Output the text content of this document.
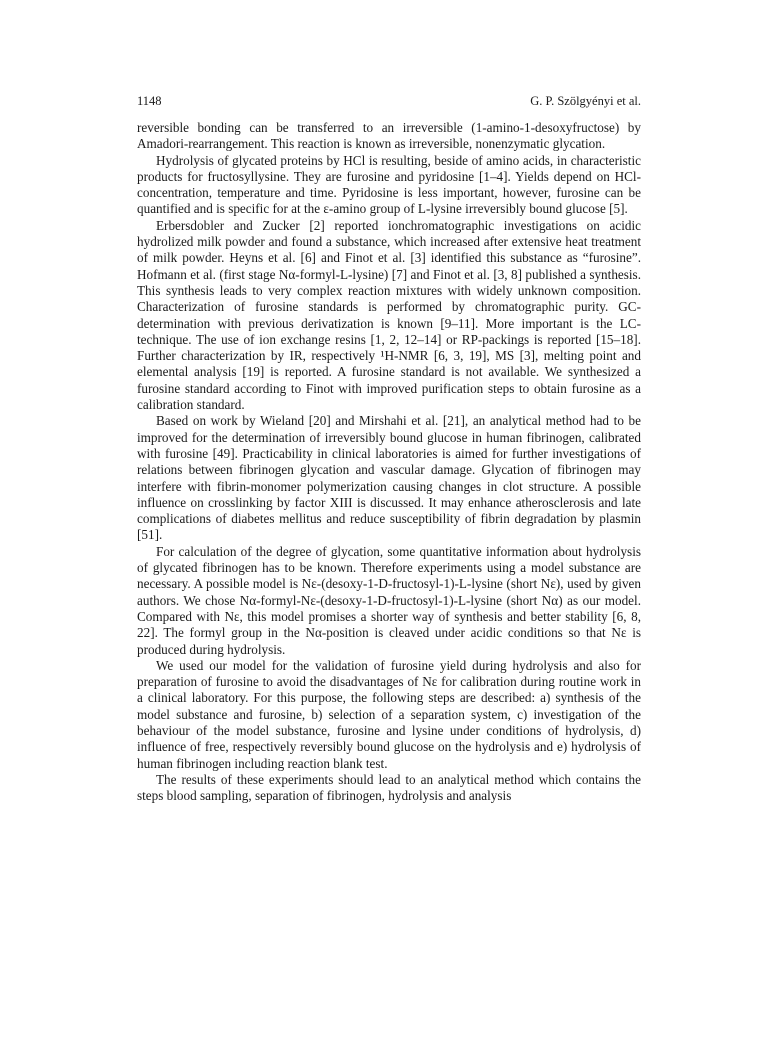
1148	G. P. Szölgyényi et al.

reversible bonding can be transferred to an irreversible (1-amino-1-desoxyfructose) by Amadori-rearrangement. This reaction is known as irreversible, nonenzymatic glycation.

Hydrolysis of glycated proteins by HCl is resulting, beside of amino acids, in characteristic products for fructosyllysine. They are furosine and pyridosine [1–4]. Yields depend on HCl-concentration, temperature and time. Pyridosine is less important, however, furosine can be quantified and is specific for at the ε-amino group of L-lysine irreversibly bound glucose [5].

Erbersdobler and Zucker [2] reported ionchromatographic investigations on acidic hydrolized milk powder and found a substance, which increased after extensive heat treatment of milk powder. Heyns et al. [6] and Finot et al. [3] identified this substance as “furosine”. Hofmann et al. (first stage Nα-formyl-L-lysine) [7] and Finot et al. [3, 8] published a synthesis. This synthesis leads to very complex reaction mixtures with widely unknown composition. Characterization of furosine standards is performed by chromatographic purity. GC-determination with previous derivatization is known [9–11]. More important is the LC-technique. The use of ion exchange resins [1, 2, 12–14] or RP-packings is reported [15–18]. Further characterization by IR, respectively ¹H-NMR [6, 3, 19], MS [3], melting point and elemental analysis [19] is reported. A furosine standard is not available. We synthesized a furosine standard according to Finot with improved purification steps to obtain furosine as a calibration standard.

Based on work by Wieland [20] and Mirshahi et al. [21], an analytical method had to be improved for the determination of irreversibly bound glucose in human fibrinogen, calibrated with furosine [49]. Practicability in clinical laboratories is aimed for further investigations of relations between fibrinogen glycation and vascular damage. Glycation of fibrinogen may interfere with fibrin-monomer polymerization causing changes in clot structure. A possible influence on crosslinking by factor XIII is discussed. It may enhance atherosclerosis and late complications of diabetes mellitus and reduce susceptibility of fibrin degradation by plasmin [51].

For calculation of the degree of glycation, some quantitative information about hydrolysis of glycated fibrinogen has to be known. Therefore experiments using a model substance are necessary. A possible model is Nε-(desoxy-1-D-fructosyl-1)-L-lysine (short Nε), used by given authors. We chose Nα-formyl-Nε-(desoxy-1-D-fructosyl-1)-L-lysine (short Nα) as our model. Compared with Nε, this model promises a shorter way of synthesis and better stability [6, 8, 22]. The formyl group in the Nα-position is cleaved under acidic conditions so that Nε is produced during hydrolysis.

We used our model for the validation of furosine yield during hydrolysis and also for preparation of furosine to avoid the disadvantages of Nε for calibration during routine work in a clinical laboratory. For this purpose, the following steps are described: a) synthesis of the model substance and furosine, b) selection of a separation system, c) investigation of the behaviour of the model substance, furosine and lysine under conditions of hydrolysis, d) influence of free, respectively reversibly bound glucose on the hydrolysis and e) hydrolysis of human fibrinogen including reaction blank test.

The results of these experiments should lead to an analytical method which contains the steps blood sampling, separation of fibrinogen, hydrolysis and analysis
